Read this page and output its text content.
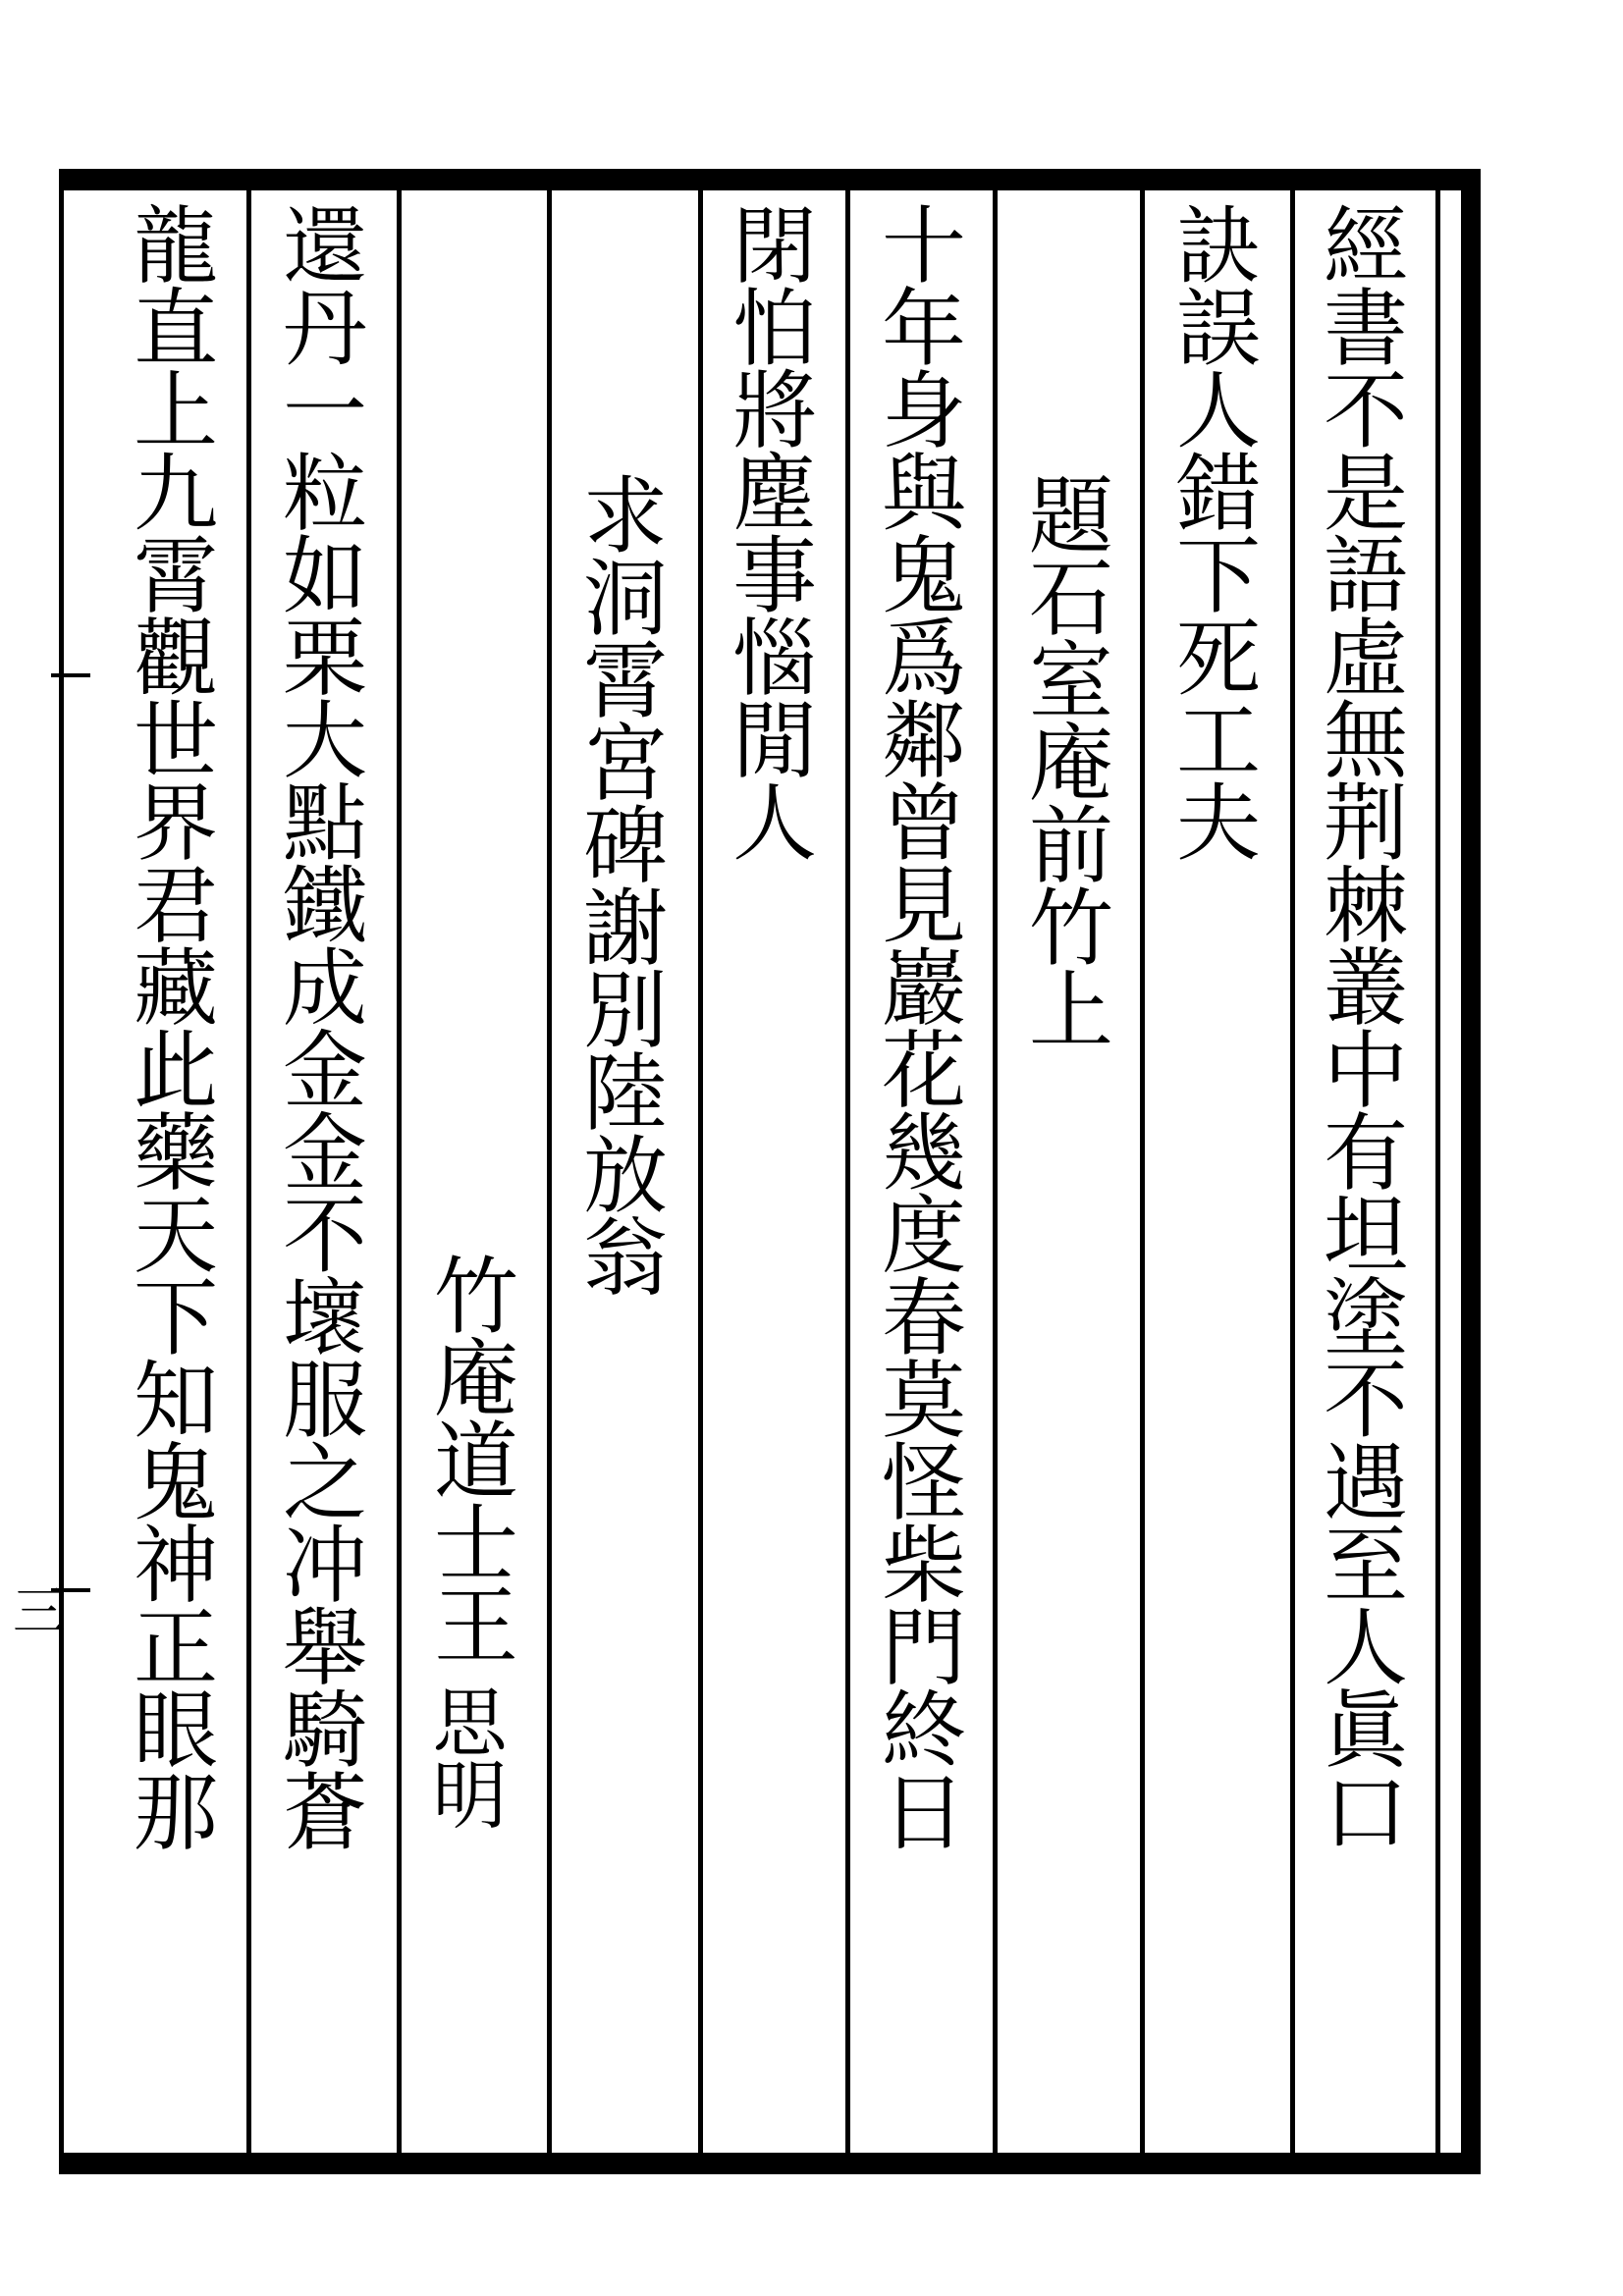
三	經書不是語虛無荆棘叢中有坦塗不遇至人眞口
訣誤人錯下死工夫
題石室庵前竹上
十年身與鬼爲鄰曾見巖花幾度春莫怪柴門終日
閉怕將塵事惱閒人
求洞霄宮碑謝別陸放翁
竹庵道士王
思明
還丹一粒如栗大點鐵成金金不壞服之冲舉騎蒼
龍直上九霄觀世界君藏此藥天下知鬼神正眼那
